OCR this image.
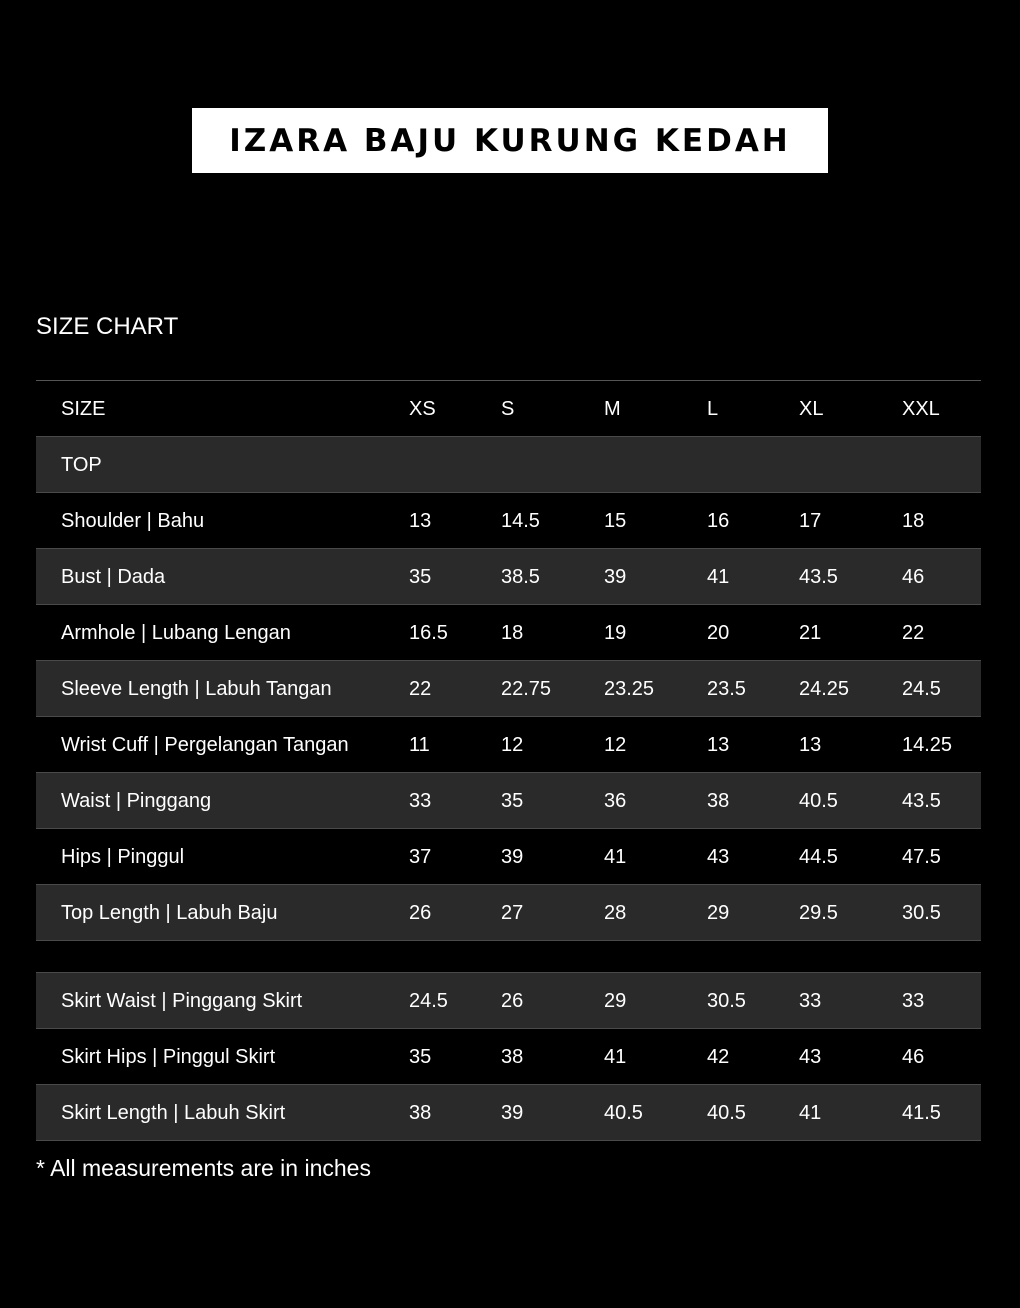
IZARA BAJU KURUNG KEDAH
SIZE CHART
SIZE	XS	S	M	L	XL	XXL
TOP
Shoulder | Bahu	13	14.5	15	16	17	18
Bust | Dada	35	38.5	39	41	43.5	46
Armhole | Lubang Lengan	16.5	18	19	20	21	22
Sleeve Length | Labuh Tangan	22	22.75	23.25	23.5	24.25	24.5
Wrist Cuff | Pergelangan Tangan	11	12	12	13	13	14.25
Waist | Pinggang	33	35	36	38	40.5	43.5
Hips | Pinggul	37	39	41	43	44.5	47.5
Top Length | Labuh Baju	26	27	28	29	29.5	30.5
Skirt Waist | Pinggang Skirt	24.5	26	29	30.5	33	33
Skirt Hips | Pinggul Skirt	35	38	41	42	43	46
Skirt Length | Labuh Skirt	38	39	40.5	40.5	41	41.5
* All measurements are in inches
